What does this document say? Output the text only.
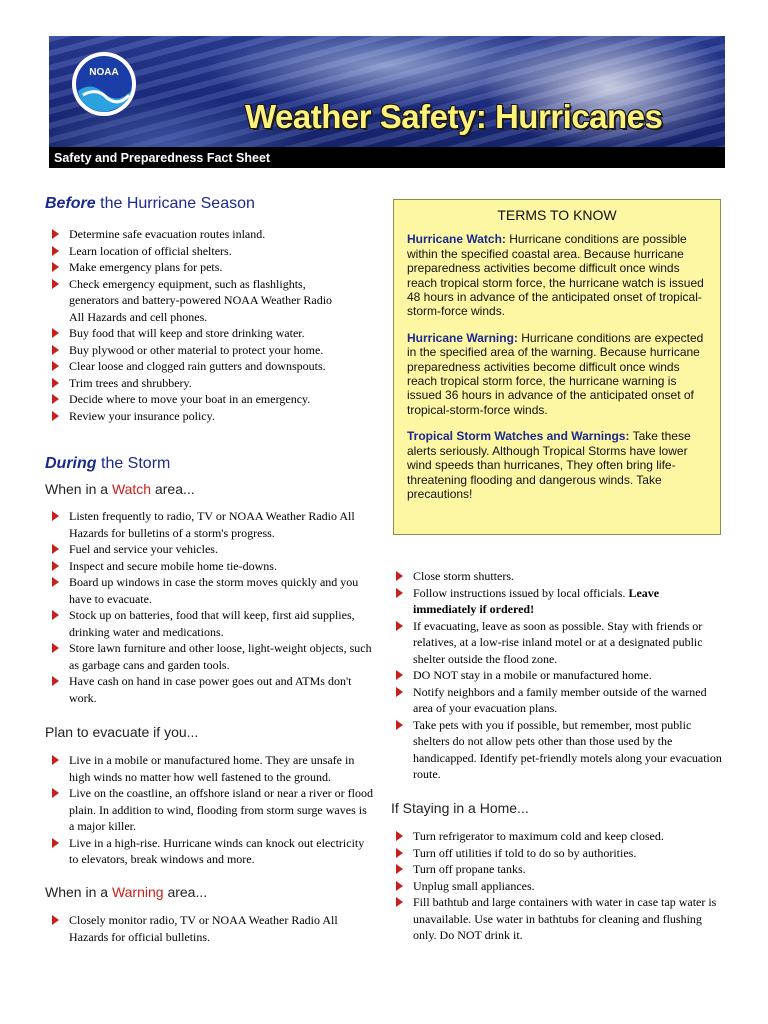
NOAA
Weather Safety: Hurricanes
Safety and Preparedness Fact Sheet
Before the Hurricane Season
Determine safe evacuation routes inland.
Learn location of official shelters.
Make emergency plans for pets.
Check emergency equipment, such as flashlights, generators and battery-powered NOAA Weather Radio All Hazards and cell phones.
Buy food that will keep and store drinking water.
Buy plywood or other material to protect your home.
Clear loose and clogged rain gutters and downspouts.
Trim trees and shrubbery.
Decide where to move your boat in an emergency.
Review your insurance policy.
During the Storm
When in a Watch area...
Listen frequently to radio, TV or NOAA Weather Radio All Hazards for bulletins of a storm's progress.
Fuel and service your vehicles.
Inspect and secure mobile home tie-downs.
Board up windows in case the storm moves quickly and you have to evacuate.
Stock up on batteries, food that will keep, first aid supplies, drinking water and medications.
Store lawn furniture and other loose, light-weight objects, such as garbage cans and garden tools.
Have cash on hand in case power goes out and ATMs don't work.
Plan to evacuate if you...
Live in a mobile or manufactured home. They are unsafe in high winds no matter how well fastened to the ground.
Live on the coastline, an offshore island or near a river or flood plain. In addition to wind, flooding from storm surge waves is a major killer.
Live in a high-rise. Hurricane winds can knock out electricity to elevators, break windows and more.
When in a Warning area...
Closely monitor radio, TV or NOAA Weather Radio All Hazards for official bulletins.
TERMS TO KNOW
Hurricane Watch: Hurricane conditions are possible within the specified coastal area. Because hurricane preparedness activities become difficult once winds reach tropical storm force, the hurricane watch is issued 48 hours in advance of the anticipated onset of tropical-storm-force winds.
Hurricane Warning: Hurricane conditions are expected in the specified area of the warning. Because hurricane preparedness activities become difficult once winds reach tropical storm force, the hurricane warning is issued 36 hours in advance of the anticipated onset of tropical-storm-force winds.
Tropical Storm Watches and Warnings: Take these alerts seriously. Although Tropical Storms have lower wind speeds than hurricanes, They often bring life-threatening flooding and dangerous winds. Take precautions!
Close storm shutters.
Follow instructions issued by local officials. Leave immediately if ordered!
If evacuating, leave as soon as possible. Stay with friends or relatives, at a low-rise inland motel or at a designated public shelter outside the flood zone.
DO NOT stay in a mobile or manufactured home.
Notify neighbors and a family member outside of the warned area of your evacuation plans.
Take pets with you if possible, but remember, most public shelters do not allow pets other than those used by the handicapped. Identify pet-friendly motels along your evacuation route.
If Staying in a Home...
Turn refrigerator to maximum cold and keep closed.
Turn off utilities if told to do so by authorities.
Turn off propane tanks.
Unplug small appliances.
Fill bathtub and large containers with water in case tap water is unavailable. Use water in bathtubs for cleaning and flushing only. Do NOT drink it.
